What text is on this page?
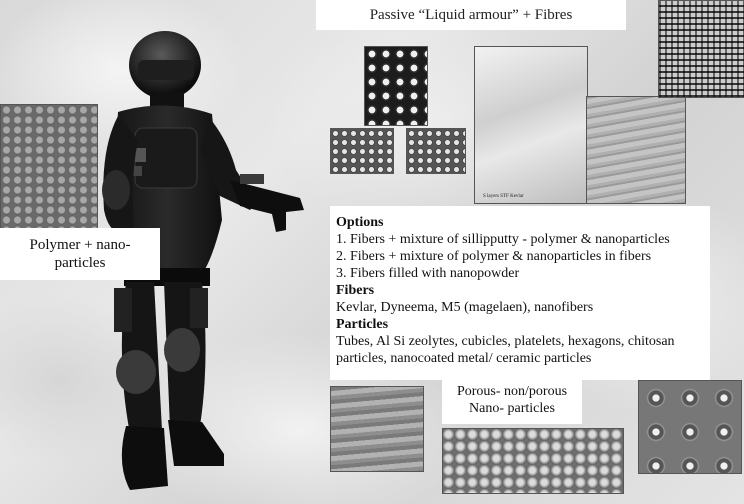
Passive “Liquid armour” + Fibres
Polymer + nano-particles
S layers STF Kevlar
Options
1. Fibers + mixture of sillipputty - polymer & nanoparticles
2. Fibers + mixture of polymer & nanoparticles in fibers
3. Fibers filled with nanopowder
Fibers
Kevlar, Dyneema, M5 (magelaen), nanofibers
Particles
Tubes, Al Si zeolytes, cubicles, platelets, hexagons, chitosan
particles, nanocoated metal/ ceramic particles
Porous- non/porous
Nano- particles
